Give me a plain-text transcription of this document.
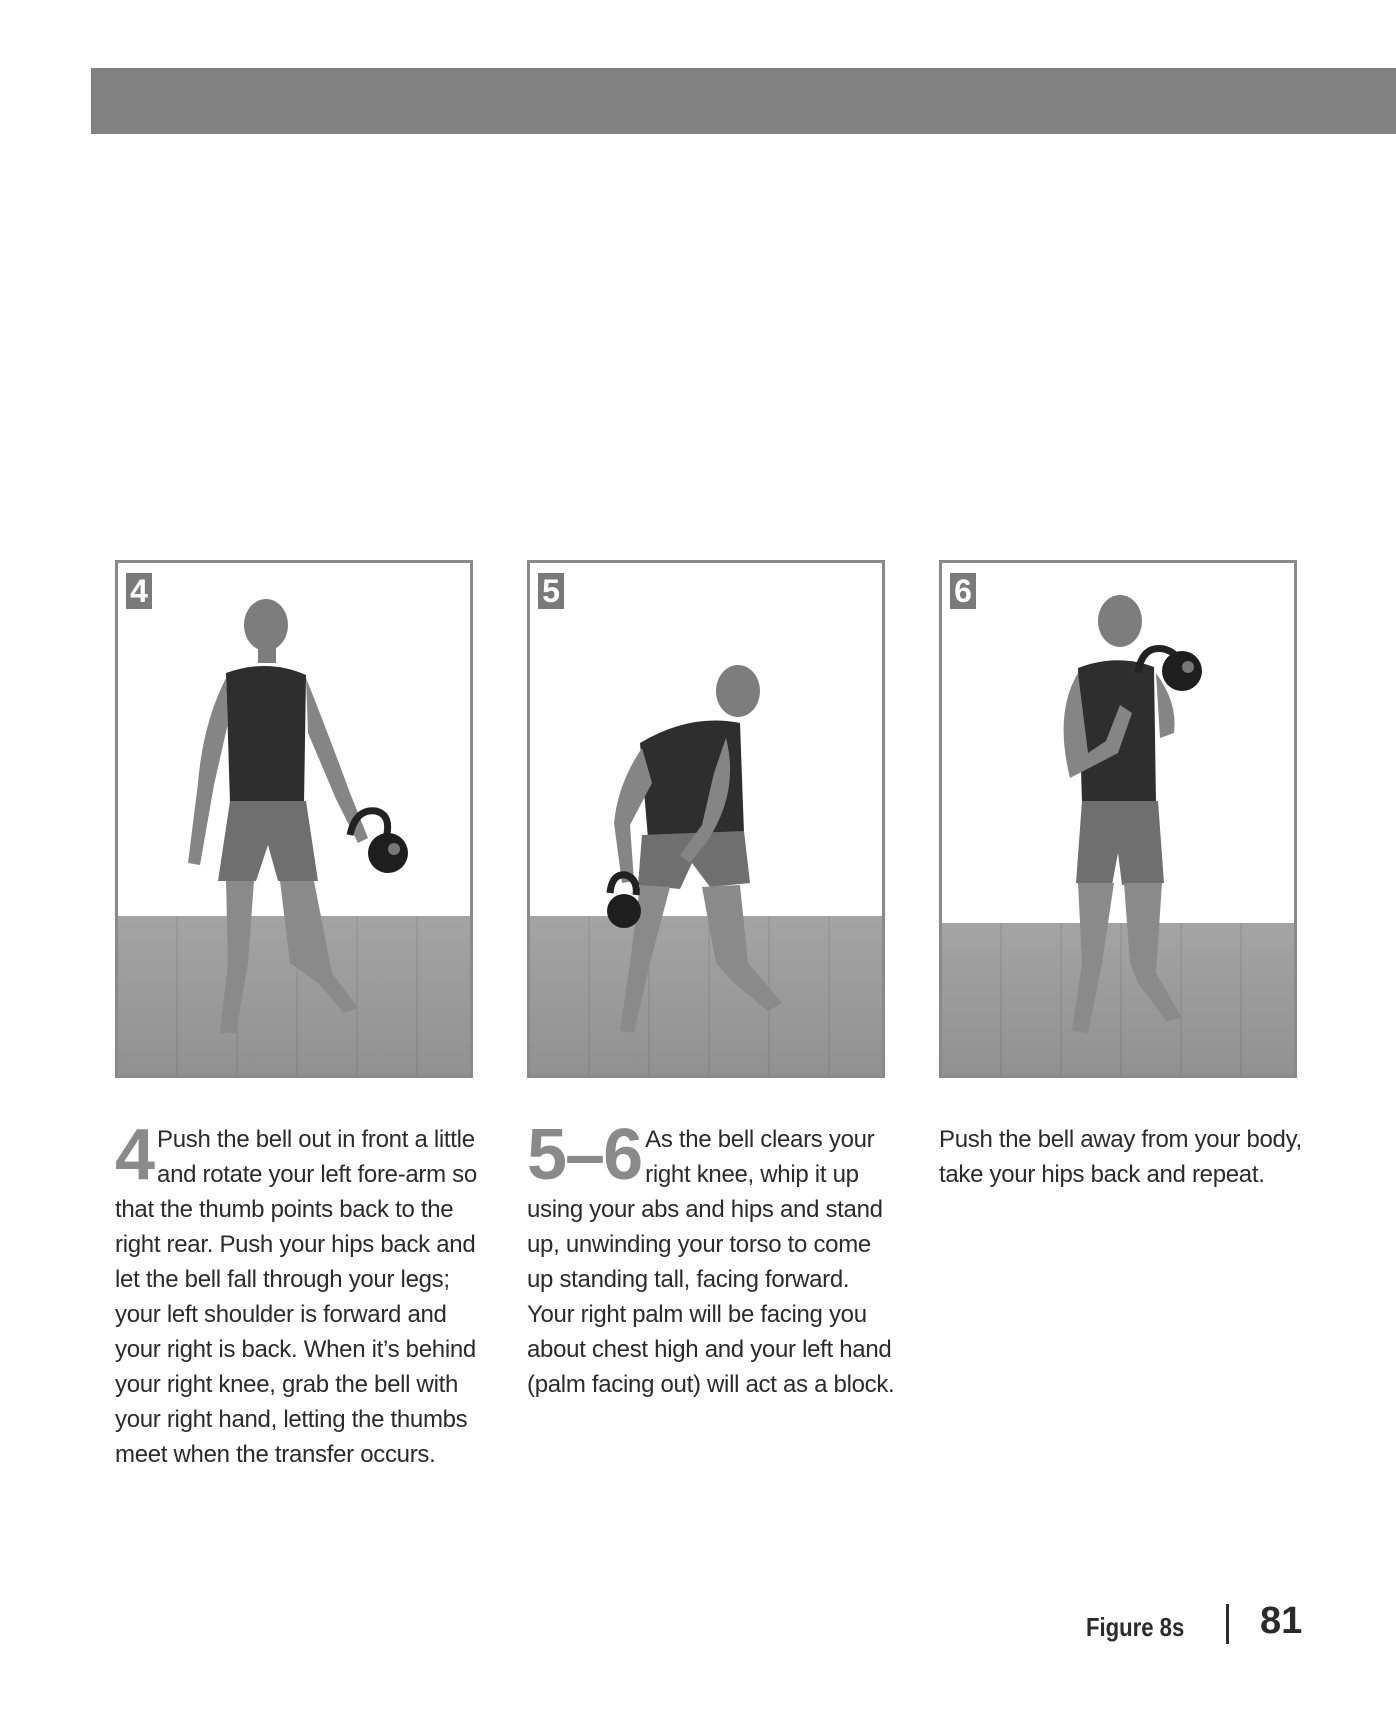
4	5	6
4 Push the bell out in front a little and rotate your left fore-arm so that the thumb points back to the right rear. Push your hips back and let the bell fall through your legs; your left shoulder is forward and your right is back. When it’s behind your right knee, grab the bell with your right hand, letting the thumbs meet when the transfer occurs.
5–6 As the bell clears your right knee, whip it up using your abs and hips and stand up, unwinding your torso to come up standing tall, facing forward. Your right palm will be facing you about chest high and your left hand (palm facing out) will act as a block.
Push the bell away from your body, take your hips back and repeat.
Figure 8s 81
